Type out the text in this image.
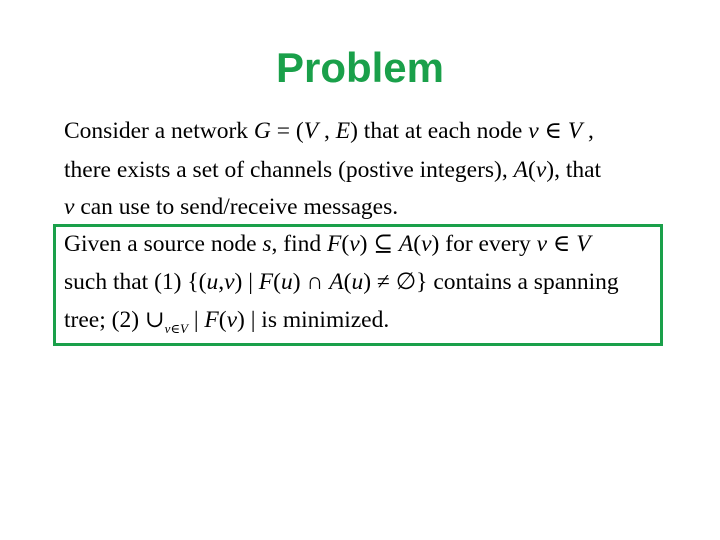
Problem
Consider a network G = (V , E) that at each node v ∈ V ,
there exists a set of channels (postive integers), A(v), that
v can use to send/receive messages.
Given a source node s, find F(v) ⊆ A(v) for every v ∈ V
such that (1) {(u,v) | F(u) ∩ A(u) ≠ ∅} contains a spanning
tree; (2) $\cup_{v\in V}$ | F(v) | is minimized.
